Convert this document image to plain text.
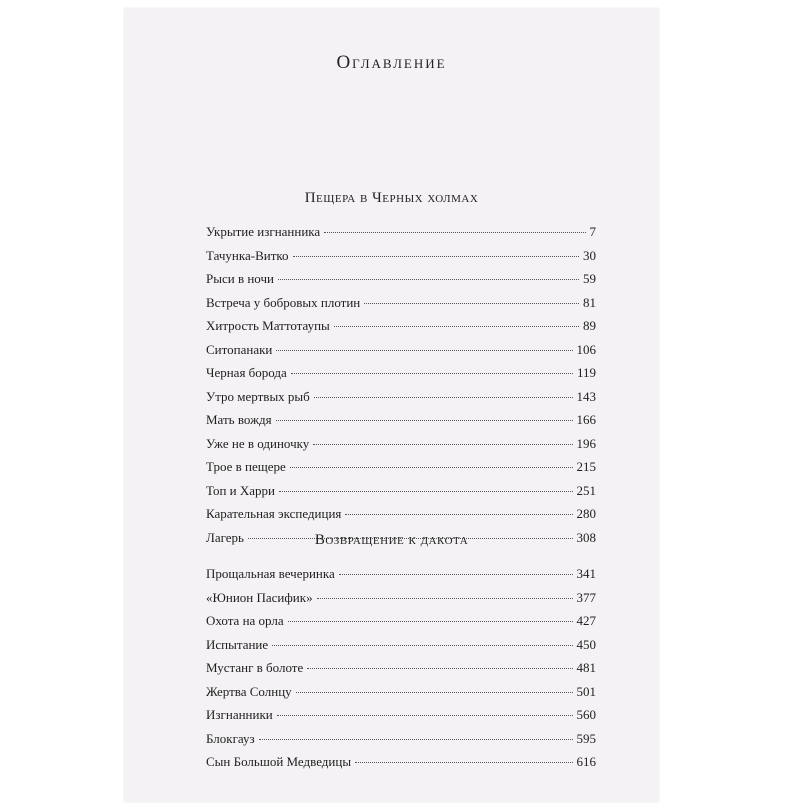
Оглавление
Пещера в Черных холмах
Укрытие изгнанника	7
Тачунка-Витко	30
Рыси в ночи	59
Встреча у бобровых плотин	81
Хитрость Маттотаупы	89
Ситопанаки	106
Черная борода	119
Утро мертвых рыб	143
Мать вождя	166
Уже не в одиночку	196
Трое в пещере	215
Топ и Харри	251
Карательная экспедиция	280
Лагерь	308
Возвращение к дакота
Прощальная вечеринка	341
«Юнион Пасифик»	377
Охота на орла	427
Испытание	450
Мустанг в болоте	481
Жертва Солнцу	501
Изгнанники	560
Блокгауз	595
Сын Большой Медведицы	616
